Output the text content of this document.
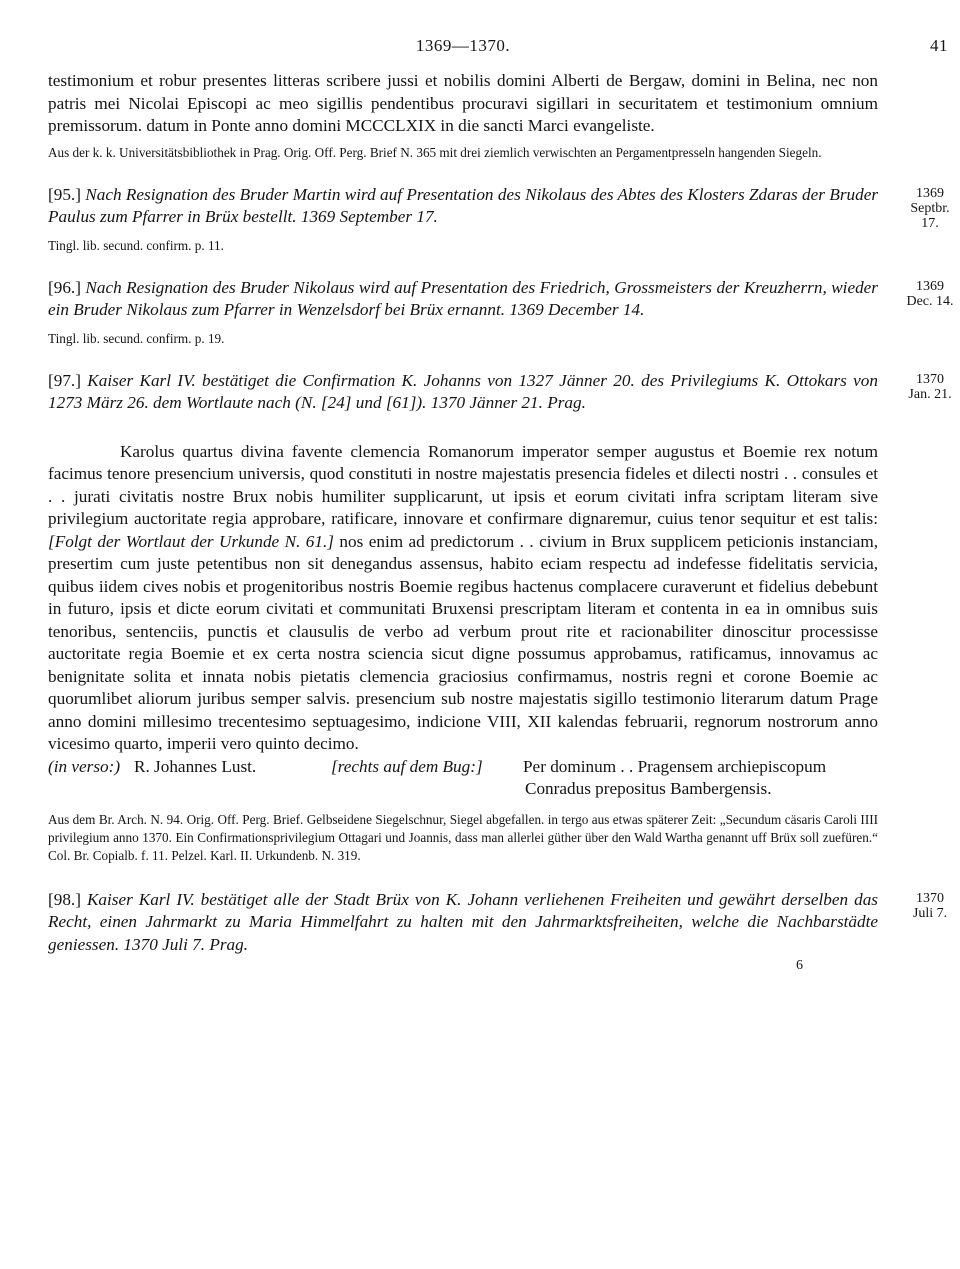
1369—1370.	41

testimonium et robur presentes litteras scribere jussi et nobilis domini Alberti de Bergaw, domini in Belina, nec non patris mei Nicolai Episcopi ac meo sigillis pendentibus procuravi sigillari in securitatem et testimonium omnium premissorum. datum in Ponte anno domini MCCCLXIX in die sancti Marci evangeliste.

Aus der k. k. Universitätsbibliothek in Prag. Orig. Off. Perg. Brief N. 365 mit drei ziemlich verwischten an Pergamentpresseln hangenden Siegeln.

[95.] Nach Resignation des Bruder Martin wird auf Presentation des Nikolaus des Abtes des Klosters Zdaras der Bruder Paulus zum Pfarrer in Brüx bestellt. 1369 September 17.

Tingl. lib. secund. confirm. p. 11.

1369
Septbr. 17.

[96.] Nach Resignation des Bruder Nikolaus wird auf Presentation des Friedrich, Grossmeisters der Kreuzherrn, wieder ein Bruder Nikolaus zum Pfarrer in Wenzelsdorf bei Brüx ernannt. 1369 December 14.

Tingl. lib. secund. confirm. p. 19.

1369
Dec. 14.

[97.] Kaiser Karl IV. bestätiget die Confirmation K. Johanns von 1327 Jänner 20. des Privilegiums K. Ottokars von 1273 März 26. dem Wortlaute nach (N. [24] und [61]). 1370 Jänner 21. Prag.

1370
Jan. 21.

Karolus quartus divina favente clemencia Romanorum imperator semper augustus et Boemie rex notum facimus tenore presencium universis, quod constituti in nostre majestatis presencia fideles et dilecti nostri . . consules et . . jurati civitatis nostre Brux nobis humiliter supplicarunt, ut ipsis et eorum civitati infra scriptam literam sive privilegium auctoritate regia approbare, ratificare, innovare et confirmare dignaremur, cuius tenor sequitur et est talis: [Folgt der Wortlaut der Urkunde N. 61.] nos enim ad predictorum . . civium in Brux supplicem peticionis instanciam, presertim cum juste petentibus non sit denegandus assensus, habito eciam respectu ad indefesse fidelitatis servicia, quibus iidem cives nobis et progenitoribus nostris Boemie regibus hactenus complacere curaverunt et fidelius debebunt in futuro, ipsis et dicte eorum civitati et communitati Bruxensi prescriptam literam et contenta in ea in omnibus suis tenoribus, sentenciis, punctis et clausulis de verbo ad verbum prout rite et racionabiliter dinoscitur processisse auctoritate regia Boemie et ex certa nostra sciencia sicut digne possumus approbamus, ratificamus, innovamus ac benignitate solita et innata nobis pietatis clemencia graciosius confirmamus, nostris regni et corone Boemie ac quorumlibet aliorum juribus semper salvis. presencium sub nostre majestatis sigillo testimonio literarum datum Prage anno domini millesimo trecentesimo septuagesimo, indicione VIII, XII kalendas februarii, regnorum nostrorum anno vicesimo quarto, imperii vero quinto decimo.

(in verso:) R. Johannes Lust.	[rechts auf dem Bug:] Per dominum . . Pragensem archiepiscopum
Conradus prepositus Bambergensis.

Aus dem Br. Arch. N. 94. Orig. Off. Perg. Brief. Gelbseidene Siegelschnur, Siegel abgefallen. in tergo aus etwas späterer Zeit: „Secundum cäsaris Caroli IIII privilegium anno 1370. Ein Confirmationsprivilegium Ottagari und Joannis, dass man allerlei güther über den Wald Wartha genannt uff Brüx soll zuefüren.“ Col. Br. Copialb. f. 11. Pelzel. Karl. II. Urkundenb. N. 319.

[98.] Kaiser Karl IV. bestätiget alle der Stadt Brüx von K. Johann verliehenen Freiheiten und gewährt derselben das Recht, einen Jahrmarkt zu Maria Himmelfahrt zu halten mit den Jahrmarktsfreiheiten, welche die Nachbarstädte geniessen. 1370 Juli 7. Prag.

1370
Juli 7.
6
